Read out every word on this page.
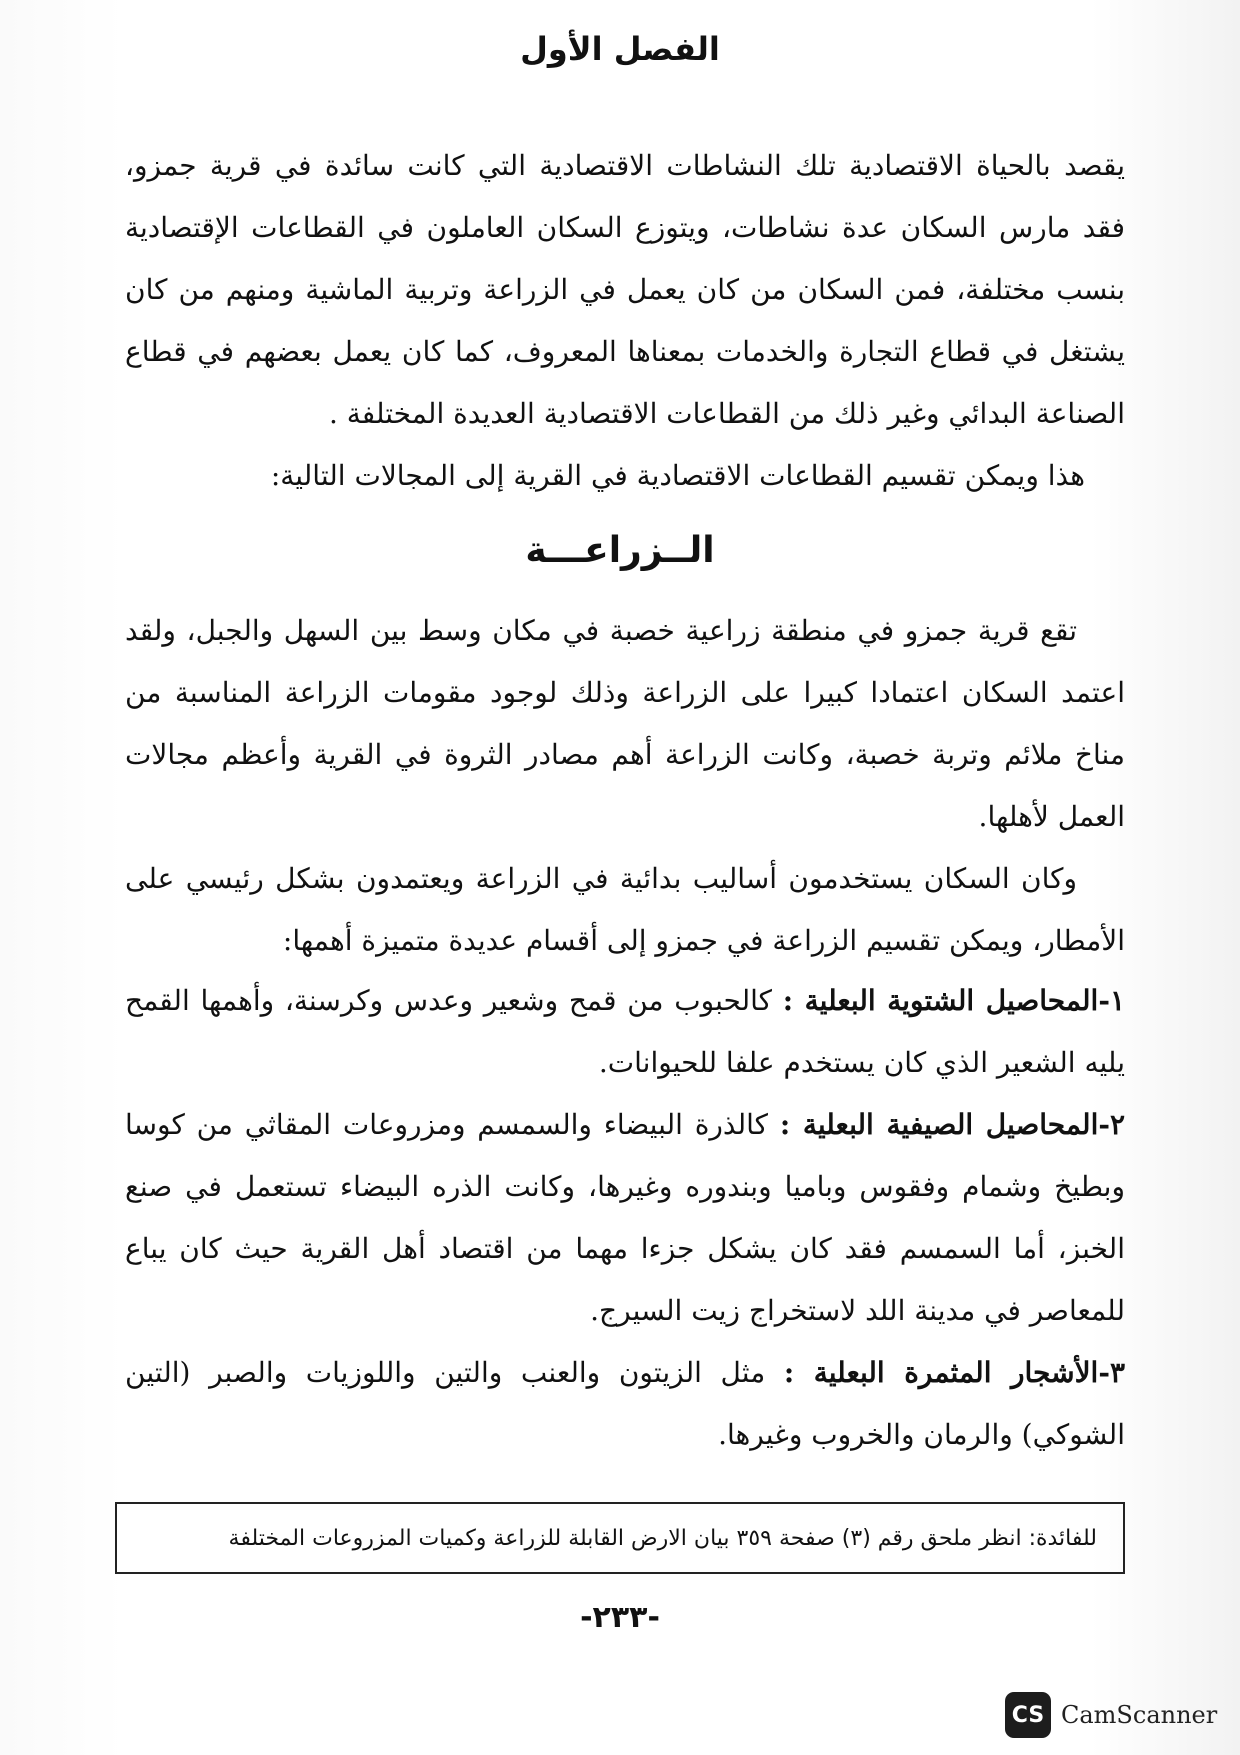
الفصل الأول

يقصد بالحياة الاقتصادية تلك النشاطات الاقتصادية التي كانت سائدة في قرية جمزو، فقد مارس السكان عدة نشاطات، ويتوزع السكان العاملون في القطاعات الإقتصادية بنسب مختلفة، فمن السكان من كان يعمل في الزراعة وتربية الماشية ومنهم من كان يشتغل في قطاع التجارة والخدمات بمعناها المعروف، كما كان يعمل بعضهم في قطاع الصناعة البدائي وغير ذلك من القطاعات الاقتصادية العديدة المختلفة .

هذا ويمكن تقسيم القطاعات الاقتصادية في القرية إلى المجالات التالية:

الــزراعـــة

تقع قرية جمزو في منطقة زراعية خصبة في مكان وسط بين السهل والجبل، ولقد اعتمد السكان اعتمادا كبيرا على الزراعة وذلك لوجود مقومات الزراعة المناسبة من مناخ ملائم وتربة خصبة، وكانت الزراعة أهم مصادر الثروة في القرية وأعظم مجالات العمل لأهلها.

وكان السكان يستخدمون أساليب بدائية في الزراعة ويعتمدون بشكل رئيسي على الأمطار، ويمكن تقسيم الزراعة في جمزو إلى أقسام عديدة متميزة أهمها:

١-المحاصيل الشتوية البعلية : كالحبوب من قمح وشعير وعدس وكرسنة، وأهمها القمح يليه الشعير الذي كان يستخدم علفا للحيوانات.

٢-المحاصيل الصيفية البعلية : كالذرة البيضاء والسمسم ومزروعات المقاثي من كوسا وبطيخ وشمام وفقوس وباميا وبندوره وغيرها، وكانت الذره البيضاء تستعمل في صنع الخبز، أما السمسم فقد كان يشكل جزءا مهما من اقتصاد أهل القرية حيث كان يباع للمعاصر في مدينة اللد لاستخراج زيت السيرج.

٣-الأشجار المثمرة البعلية : مثل الزيتون والعنب والتين واللوزيات والصبر (التين الشوكي) والرمان والخروب وغيرها.

للفائدة: انظر ملحق رقم (٣) صفحة ٣٥٩ بيان الارض القابلة للزراعة وكميات المزروعات المختلفة
-٢٣٣-
CS CamScanner
